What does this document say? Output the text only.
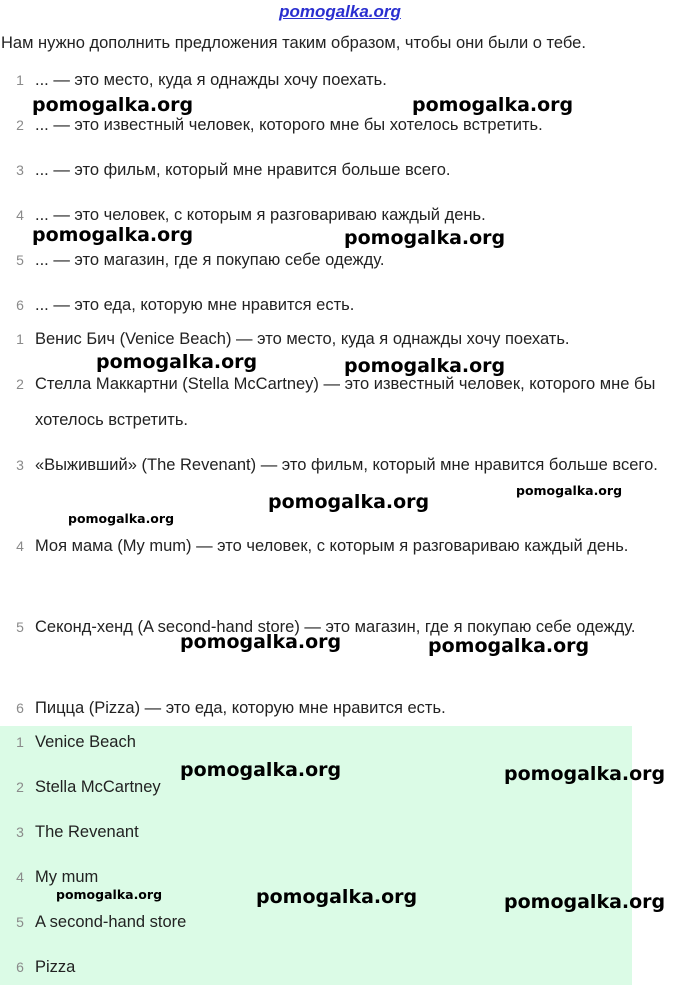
pomogalka.org
Нам нужно дополнить предложения таким образом, чтобы они были о тебе.
1 ... — это место, куда я однажды хочу поехать.
2 ... — это известный человек, которого мне бы хотелось встретить.
3 ... — это фильм, который мне нравится больше всего.
4 ... — это человек, с которым я разговариваю каждый день.
5 ... — это магазин, где я покупаю себе одежду.
6 ... — это еда, которую мне нравится есть.
1 Венис Бич (Venice Beach) — это место, куда я однажды хочу поехать.
2 Стелла Маккартни (Stella McCartney) — это известный человек, которого мне бы хотелось встретить.
3 «Выживший» (The Revenant) — это фильм, который мне нравится больше всего.
4 Моя мама (My mum) — это человек, с которым я разговариваю каждый день.
5 Секонд-хенд (A second-hand store) — это магазин, где я покупаю себе одежду.
6 Пицца (Pizza) — это еда, которую мне нравится есть.
1 Venice Beach
2 Stella McCartney
3 The Revenant
4 My mum
5 A second-hand store
6 Pizza
pomogalka.org	pomogalka.org
pomogalka.org	pomogalka.org
pomogalka.org	pomogalka.org
pomogalka.org
pomogalka.org
pomogalka.org
pomogalka.org	pomogalka.org
pomogalka.org	pomogalka.org
pomogalka.org	pomogalka.org	pomogalka.org
